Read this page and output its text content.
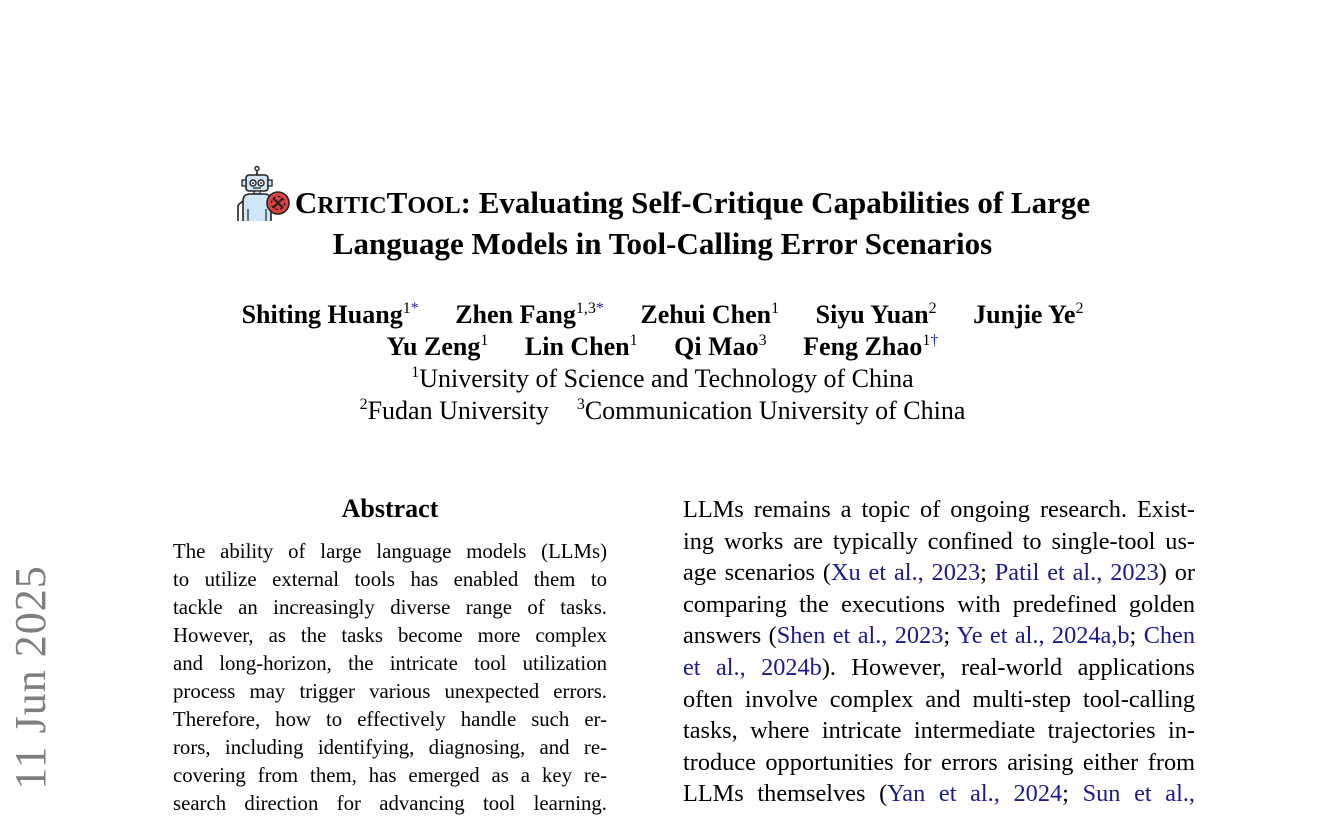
11 Jun 2025
CRITICTOOL: Evaluating Self-Critique Capabilities of Large
Language Models in Tool-Calling Error Scenarios
Shiting Huang$^{1*}$ Zhen Fang$^{1,3*}$ Zehui Chen$^1$ Siyu Yuan$^2$ Junjie Ye$^2$
Yu Zeng$^1$ Lin Chen$^1$ Qi Mao$^3$ Feng Zhao$^{1\dagger}$
$^1$University of Science and Technology of China
$^2$Fudan University $^3$Communication University of China
Abstract
The ability of large language models (LLMs)
to utilize external tools has enabled them to
tackle an increasingly diverse range of tasks.
However, as the tasks become more complex
and long-horizon, the intricate tool utilization
process may trigger various unexpected errors.
Therefore, how to effectively handle such er-
rors, including identifying, diagnosing, and re-
covering from them, has emerged as a key re-
search direction for advancing tool learning.
LLMs remains a topic of ongoing research. Exist-
ing works are typically confined to single-tool us-
age scenarios (Xu et al., 2023; Patil et al., 2023) or
comparing the executions with predefined golden
answers (Shen et al., 2023; Ye et al., 2024a,b; Chen
et al., 2024b). However, real-world applications
often involve complex and multi-step tool-calling
tasks, where intricate intermediate trajectories in-
troduce opportunities for errors arising either from
LLMs themselves (Yan et al., 2024; Sun et al.,
